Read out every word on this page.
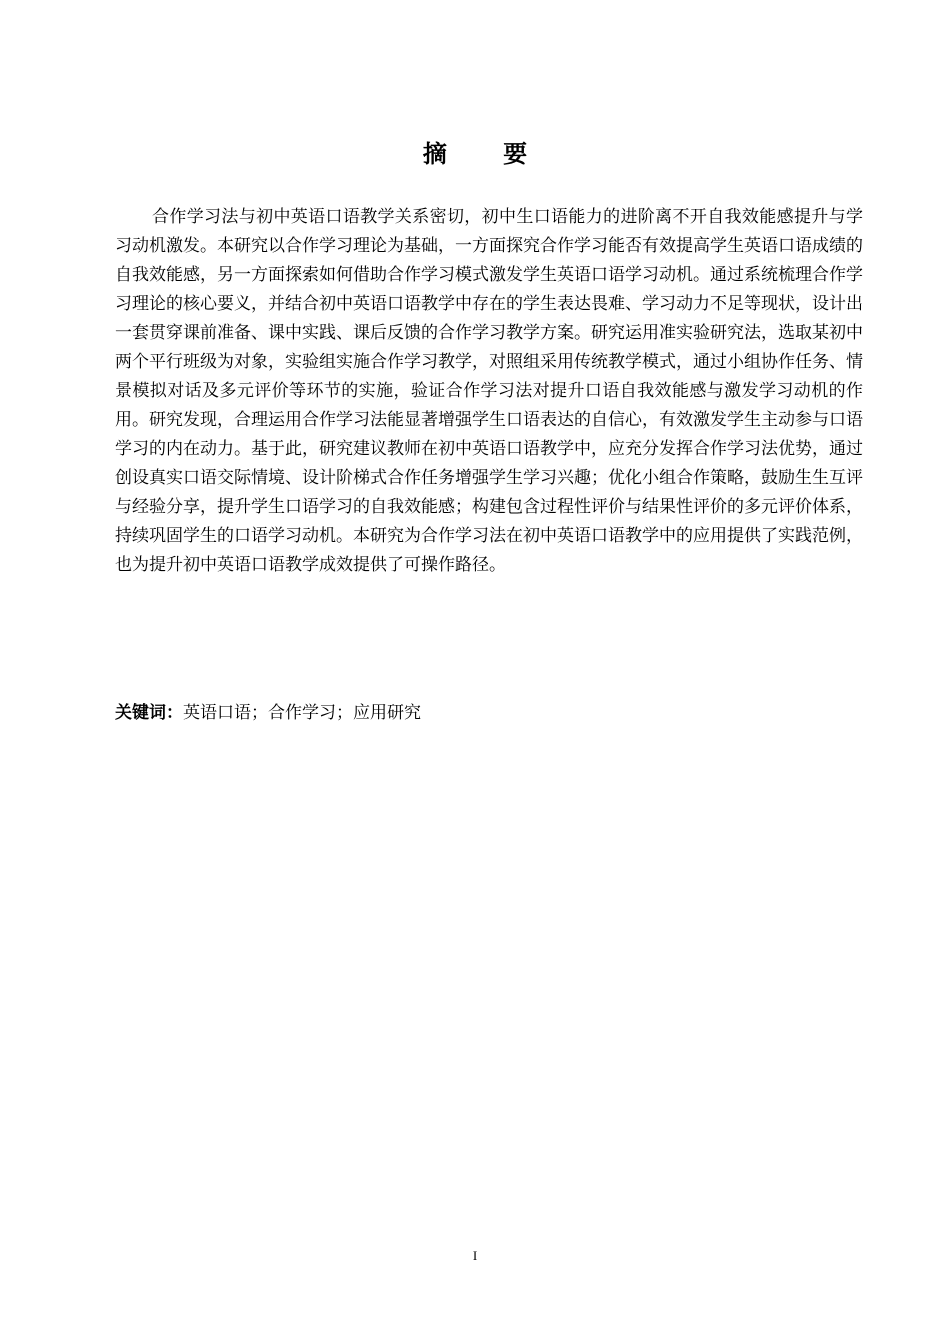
摘 要

合作学习法与初中英语口语教学关系密切，初中生口语能力的进阶离不开自我效能感提升与学习动机激发。本研究以合作学习理论为基础，一方面探究合作学习能否有效提高学生英语口语成绩的自我效能感，另一方面探索如何借助合作学习模式激发学生英语口语学习动机。通过系统梳理合作学习理论的核心要义，并结合初中英语口语教学中存在的学生表达畏难、学习动力不足等现状，设计出一套贯穿课前准备、课中实践、课后反馈的合作学习教学方案。研究运用准实验研究法，选取某初中两个平行班级为对象，实验组实施合作学习教学，对照组采用传统教学模式，通过小组协作任务、情景模拟对话及多元评价等环节的实施，验证合作学习法对提升口语自我效能感与激发学习动机的作用。研究发现，合理运用合作学习法能显著增强学生口语表达的自信心，有效激发学生主动参与口语学习的内在动力。基于此，研究建议教师在初中英语口语教学中，应充分发挥合作学习法优势，通过创设真实口语交际情境、设计阶梯式合作任务增强学生学习兴趣；优化小组合作策略，鼓励生生互评与经验分享，提升学生口语学习的自我效能感；构建包含过程性评价与结果性评价的多元评价体系，持续巩固学生的口语学习动机。本研究为合作学习法在初中英语口语教学中的应用提供了实践范例，也为提升初中英语口语教学成效提供了可操作路径。

关键词：英语口语；合作学习；应用研究

I
